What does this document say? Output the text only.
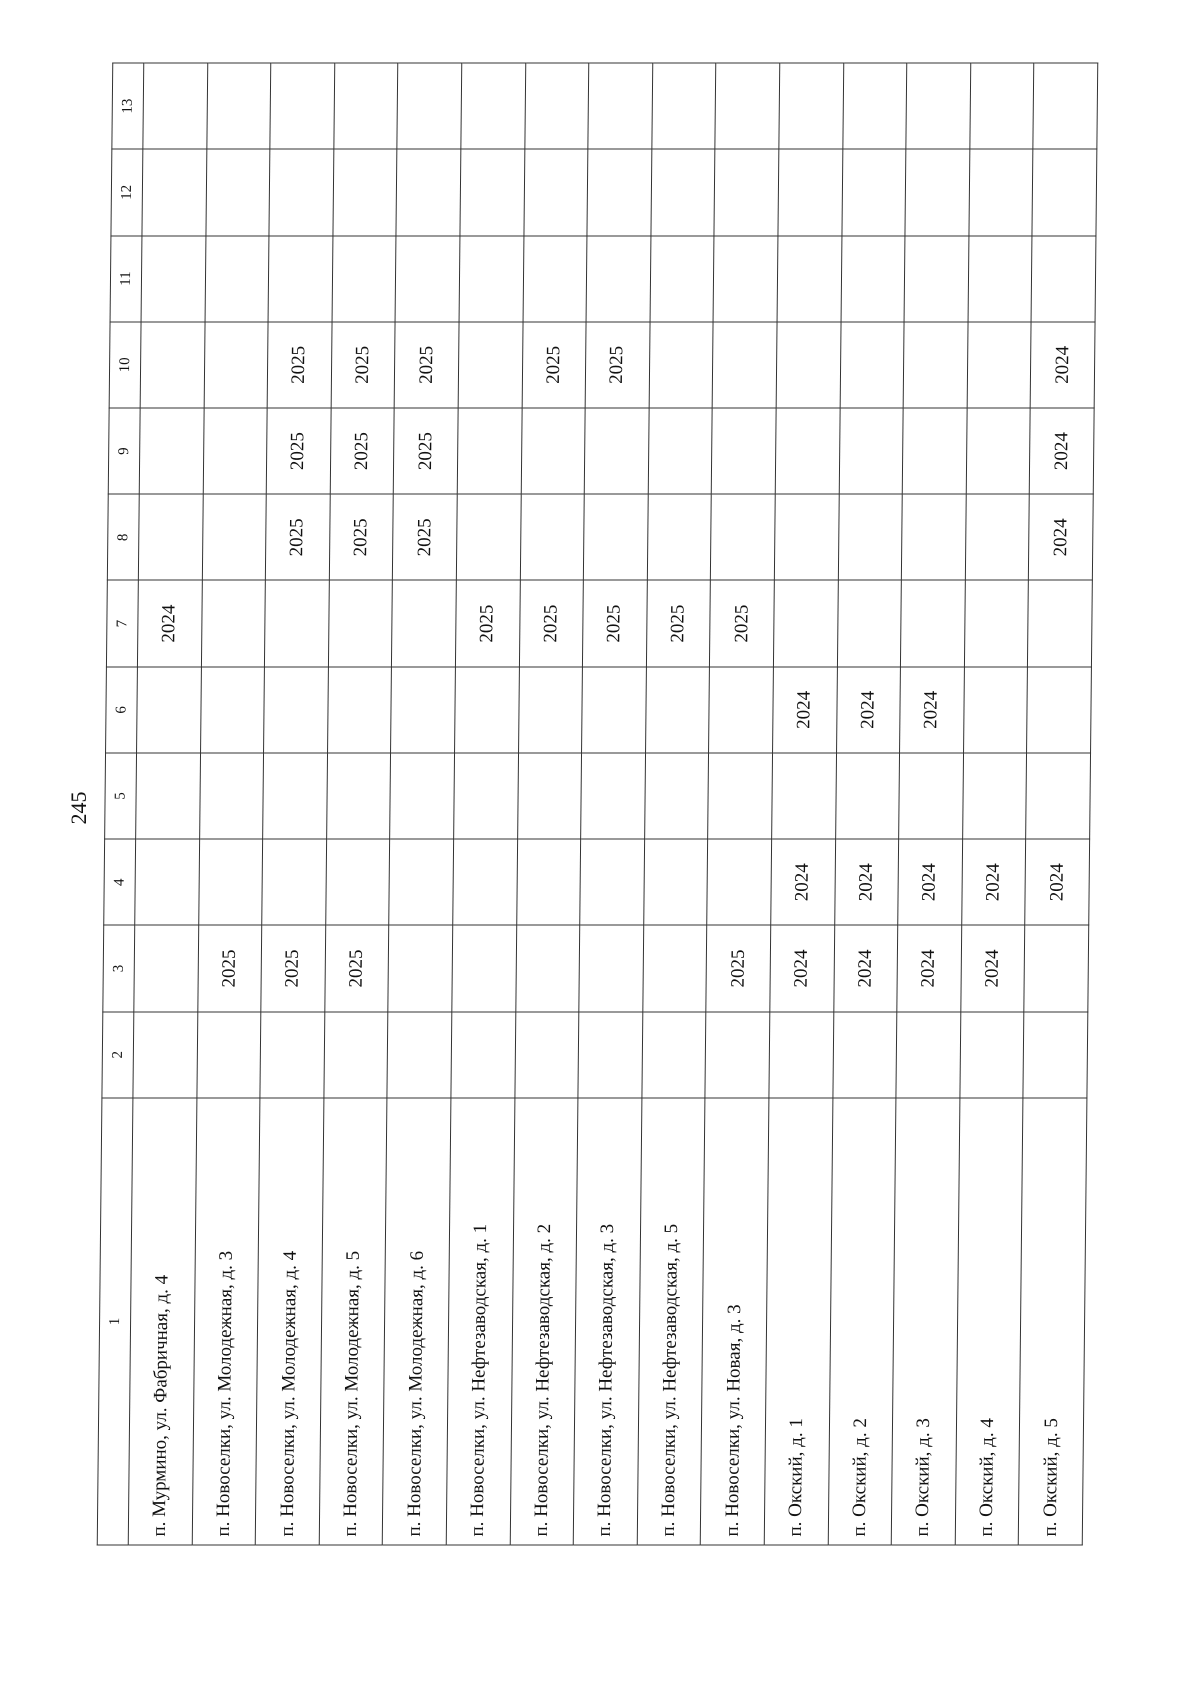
245
1	2	3	4	5	6	7	8	9	10	11	12	13
п. Мурмино, ул. Фабричная, д. 4						2024						
п. Новоселки, ул. Молодежная, д. 3		2025										
п. Новоселки, ул. Молодежная, д. 4		2025					2025	2025	2025			
п. Новоселки, ул. Молодежная, д. 5		2025					2025	2025	2025			
п. Новоселки, ул. Молодежная, д. 6							2025	2025	2025			
п. Новоселки, ул. Нефтезаводская, д. 1						2025						
п. Новоселки, ул. Нефтезаводская, д. 2						2025			2025			
п. Новоселки, ул. Нефтезаводская, д. 3						2025			2025			
п. Новоселки, ул. Нефтезаводская, д. 5						2025						
п. Новоселки, ул. Новая, д. 3		2025				2025						
п. Окский, д. 1		2024	2024		2024							
п. Окский, д. 2		2024	2024		2024							
п. Окский, д. 3		2024	2024		2024							
п. Окский, д. 4		2024	2024									
п. Окский, д. 5			2024				2024	2024	2024			
